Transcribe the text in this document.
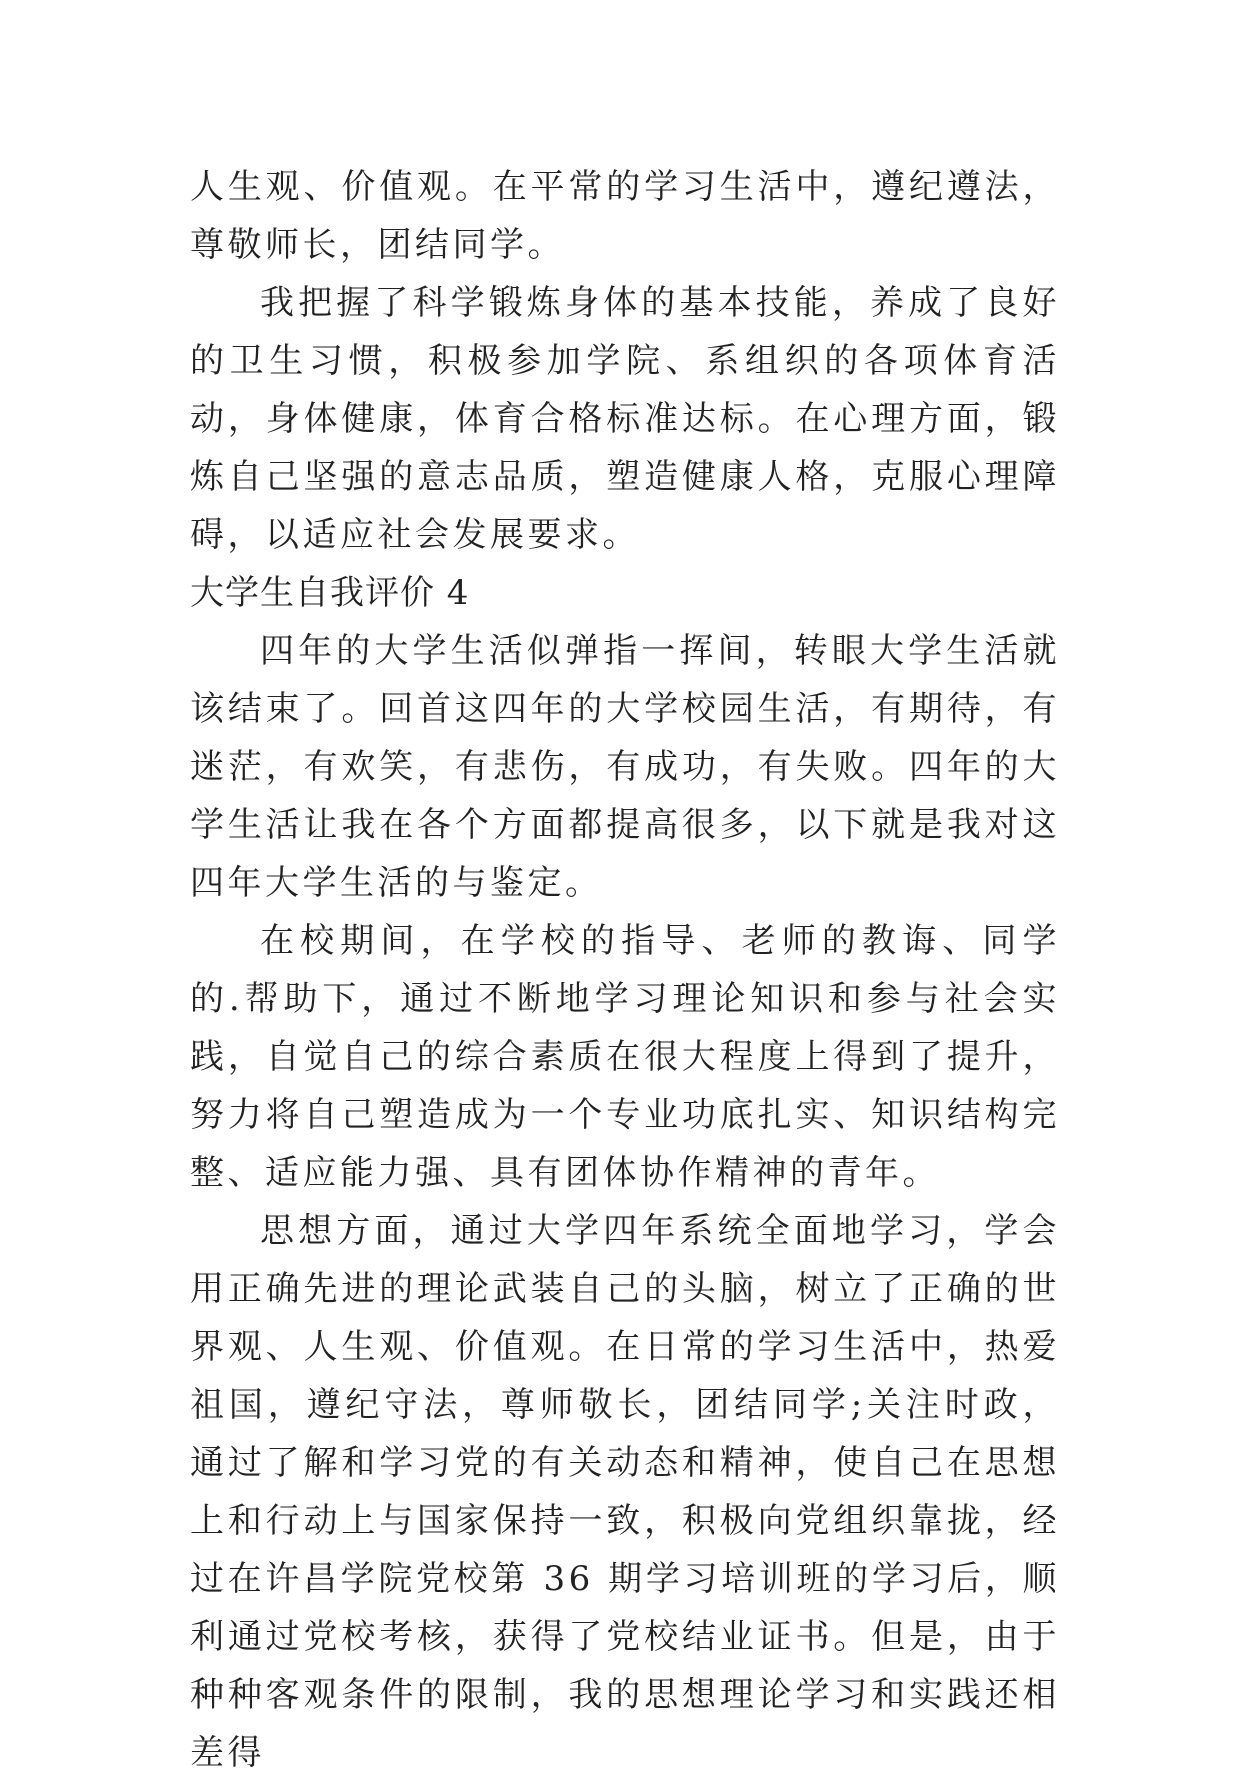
人生观、价值观。在平常的学习生活中，遵纪遵法，尊敬师长，团结同学。

我把握了科学锻炼身体的基本技能，养成了良好的卫生习惯，积极参加学院、系组织的各项体育活动，身体健康，体育合格标准达标。在心理方面，锻炼自己坚强的意志品质，塑造健康人格，克服心理障碍，以适应社会发展要求。

大学生自我评价 4

四年的大学生活似弹指一挥间，转眼大学生活就该结束了。回首这四年的大学校园生活，有期待，有迷茫，有欢笑，有悲伤，有成功，有失败。四年的大学生活让我在各个方面都提高很多，以下就是我对这四年大学生活的与鉴定。

在校期间，在学校的指导、老师的教诲、同学的.帮助下，通过不断地学习理论知识和参与社会实践，自觉自己的综合素质在很大程度上得到了提升，努力将自己塑造成为一个专业功底扎实、知识结构完整、适应能力强、具有团体协作精神的青年。

思想方面，通过大学四年系统全面地学习，学会用正确先进的理论武装自己的头脑，树立了正确的世界观、人生观、价值观。在日常的学习生活中，热爱祖国，遵纪守法，尊师敬长，团结同学;关注时政，通过了解和学习党的有关动态和精神，使自己在思想上和行动上与国家保持一致，积极向党组织靠拢，经过在许昌学院党校第 36 期学习培训班的学习后，顺利通过党校考核，获得了党校结业证书。但是，由于种种客观条件的限制，我的思想理论学习和实践还相差得
